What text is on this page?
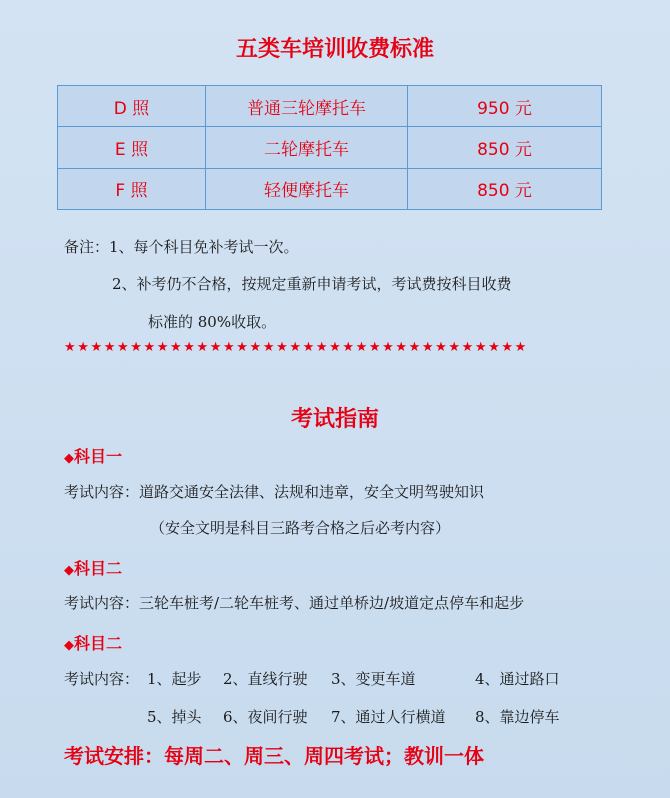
五类车培训收费标准
D 照	普通三轮摩托车	950 元
E 照	二轮摩托车	850 元
F 照	轻便摩托车	850 元
备注：1、每个科目免补考试一次。
2、补考仍不合格，按规定重新申请考试，考试费按科目收费
标准的 80%收取。
★★★★★★★★★★★★★★★★★★★★★★★★★★★★★★★★★★★
考试指南
◆科目一
考试内容：道路交通安全法律、法规和违章，安全文明驾驶知识
（安全文明是科目三路考合格之后必考内容）
◆科目二
考试内容：三轮车桩考/二轮车桩考、通过单桥边/坡道定点停车和起步
◆科目二
考试内容： 1、起步 2、直线行驶 3、变更车道	4、通过路口
5、掉头 6、夜间行驶 7、通过人行横道 8、靠边停车
考试安排：每周二、周三、周四考试；教训一体
